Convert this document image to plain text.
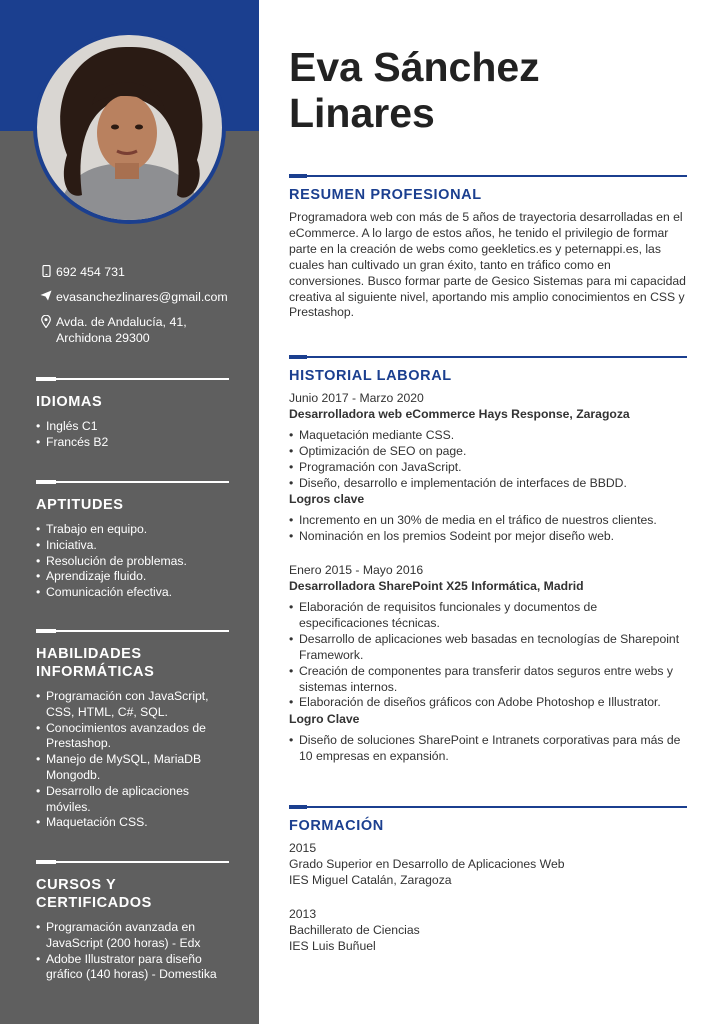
692 454 731
evasanchezlinares@gmail.com
Avda. de Andalucía, 41,
Archidona 29300
IDIOMAS
• Inglés C1
• Francés B2
APTITUDES
• Trabajo en equipo.
• Iniciativa.
• Resolución de problemas.
• Aprendizaje fluido.
• Comunicación efectiva.
HABILIDADES
INFORMÁTICAS
• Programación con JavaScript, CSS, HTML, C#, SQL.
• Conocimientos avanzados de Prestashop.
• Manejo de MySQL, MariaDB Mongodb.
• Desarrollo de aplicaciones móviles.
• Maquetación CSS.
CURSOS Y
CERTIFICADOS
• Programación avanzada en JavaScript (200 horas) - Edx
• Adobe Illustrator para diseño gráfico (140 horas) - Domestika
Eva Sánchez
Linares
RESUMEN PROFESIONAL
Programadora web con más de 5 años de trayectoria desarrolladas en el eCommerce. A lo largo de estos años, he tenido el privilegio de formar parte en la creación de webs como geekletics.es y peternappi.es, las cuales han cultivado un gran éxito, tanto en tráfico como en conversiones. Busco formar parte de Gesico Sistemas para mi capacidad creativa al siguiente nivel, aportando mis amplio conocimientos en CSS y Prestashop.
HISTORIAL LABORAL
Junio 2017 - Marzo 2020
Desarrolladora web eCommerce Hays Response, Zaragoza
• Maquetación mediante CSS.
• Optimización de SEO on page.
• Programación con JavaScript.
• Diseño, desarrollo e implementación de interfaces de BBDD.
Logros clave
• Incremento en un 30% de media en el tráfico de nuestros clientes.
• Nominación en los premios Sodeint por mejor diseño web.
Enero 2015 - Mayo 2016
Desarrolladora SharePoint X25 Informática, Madrid
• Elaboración de requisitos funcionales y documentos de especificaciones técnicas.
• Desarrollo de aplicaciones web basadas en tecnologías de Sharepoint Framework.
• Creación de componentes para transferir datos seguros entre webs y sistemas internos.
• Elaboración de diseños gráficos con Adobe Photoshop e Illustrator.
Logro Clave
• Diseño de soluciones SharePoint e Intranets corporativas para más de 10 empresas en expansión.
FORMACIÓN
2015
Grado Superior en Desarrollo de Aplicaciones Web
IES Miguel Catalán, Zaragoza
2013
Bachillerato de Ciencias
IES Luis Buñuel
